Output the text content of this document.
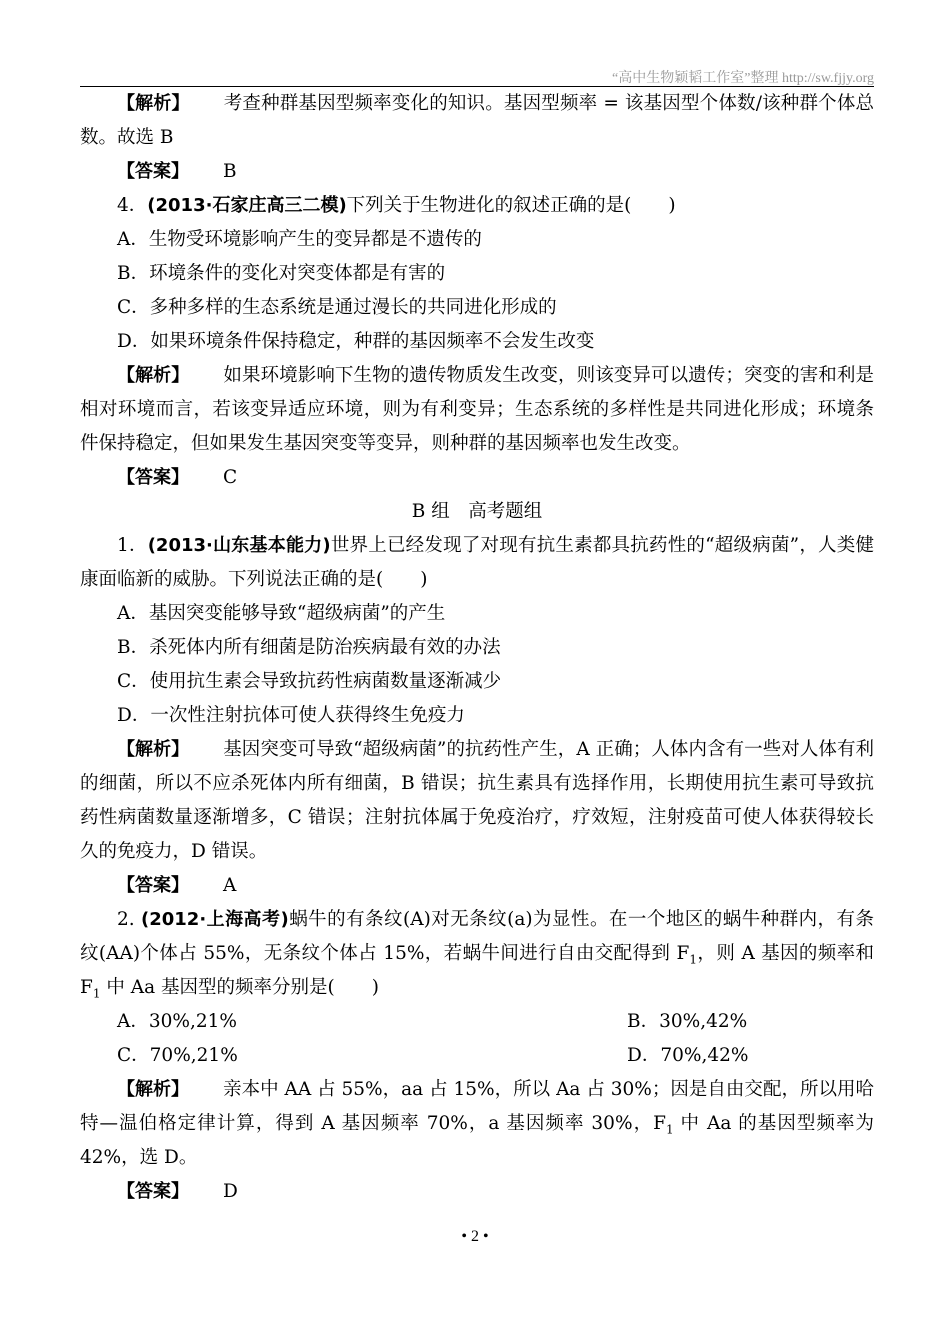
“高中生物颖韬工作室”整理 http://sw.fjjy.org

【解析】 考查种群基因型频率变化的知识。基因型频率 = 该基因型个体数/该种群个体总数。故选 B

【答案】 B

4．(2013·石家庄高三二模)下列关于生物进化的叙述正确的是(　　)

A．生物受环境影响产生的变异都是不遗传的

B．环境条件的变化对突变体都是有害的

C．多种多样的生态系统是通过漫长的共同进化形成的

D．如果环境条件保持稳定，种群的基因频率不会发生改变

【解析】 如果环境影响下生物的遗传物质发生改变，则该变异可以遗传；突变的害和利是相对环境而言，若该变异适应环境，则为有利变异；生态系统的多样性是共同进化形成；环境条件保持稳定，但如果发生基因突变等变异，则种群的基因频率也发生改变。

【答案】 C

B 组　高考题组

1．(2013·山东基本能力)世界上已经发现了对现有抗生素都具抗药性的“超级病菌”，人类健康面临新的威胁。下列说法正确的是(　　)

A．基因突变能够导致“超级病菌”的产生

B．杀死体内所有细菌是防治疾病最有效的办法

C．使用抗生素会导致抗药性病菌数量逐渐减少

D．一次性注射抗体可使人获得终生免疫力

【解析】 基因突变可导致“超级病菌”的抗药性产生，A 正确；人体内含有一些对人体有利的细菌，所以不应杀死体内所有细菌，B 错误；抗生素具有选择作用，长期使用抗生素可导致抗药性病菌数量逐渐增多，C 错误；注射抗体属于免疫治疗，疗效短，注射疫苗可使人体获得较长久的免疫力，D 错误。

【答案】 A

2. (2012·上海高考)蜗牛的有条纹(A)对无条纹(a)为显性。在一个地区的蜗牛种群内，有条纹(AA)个体占 55%，无条纹个体占 15%，若蜗牛间进行自由交配得到 $F_1$，则 A 基因的频率和 $F_1$ 中 Aa 基因型的频率分别是(　　)

A．30%,21%	B．30%,42%
C．70%,21%	D．70%,42%

【解析】 亲本中 AA 占 55%，aa 占 15%，所以 Aa 占 30%；因是自由交配，所以用哈特—温伯格定律计算，得到 A 基因频率 70%，a 基因频率 30%，$F_1$ 中 Aa 的基因型频率为 42%，选 D。

【答案】 D

• 2 •
